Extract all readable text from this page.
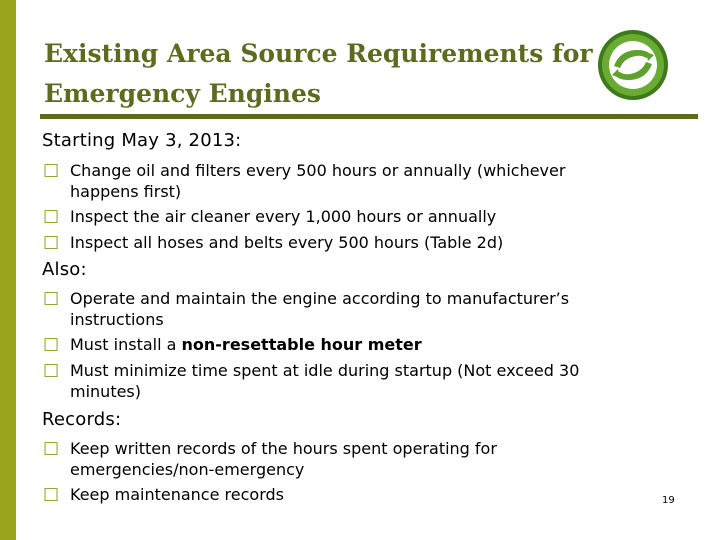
Existing Area Source Requirements for
Emergency Engines
Starting May 3, 2013:
□ Change oil and filters every 500 hours or annually (whichever
happens first)
□ Inspect the air cleaner every 1,000 hours or annually
□ Inspect all hoses and belts every 500 hours (Table 2d)
Also:
□ Operate and maintain the engine according to manufacturer’s
instructions
□ Must install a non-resettable hour meter
□ Must minimize time spent at idle during startup (Not exceed 30
minutes)
Records:
□ Keep written records of the hours spent operating for
emergencies/non-emergency
□ Keep maintenance records	19
